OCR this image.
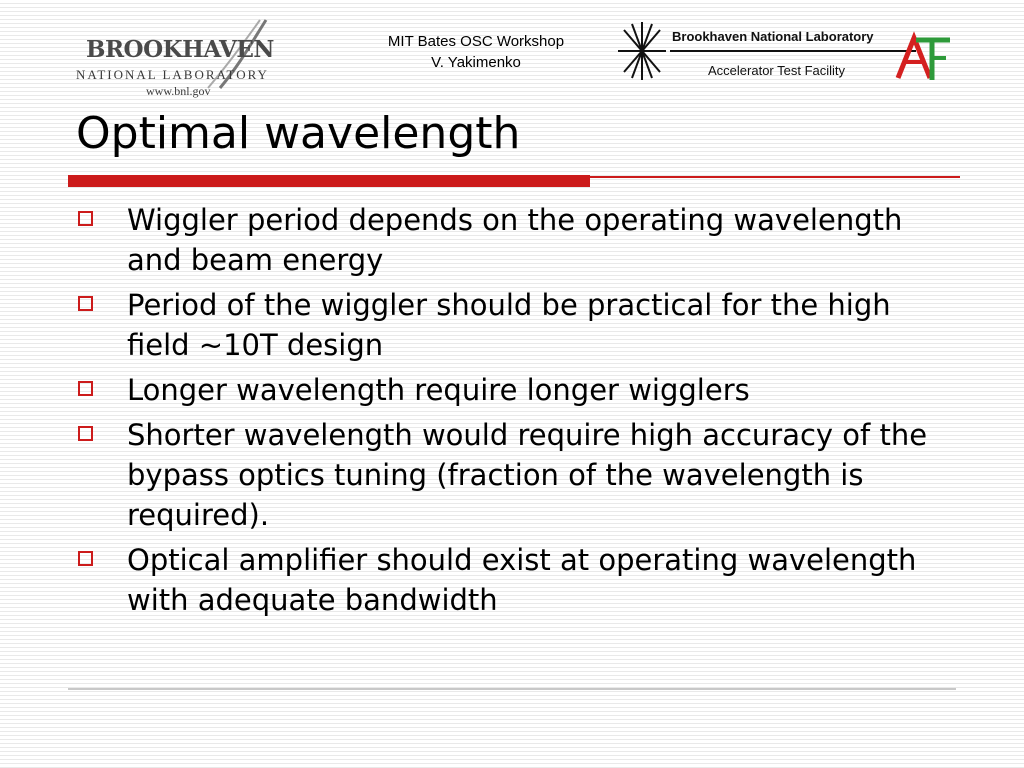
BROOKHAVEN
NATIONAL LABORATORY
www.bnl.gov
MIT Bates OSC Workshop
V. Yakimenko
Brookhaven National Laboratory
Accelerator Test Facility
Optimal wavelength
Wiggler period depends on the operating wavelength and beam energy
Period of the wiggler should be practical for the high field ~10T design
Longer wavelength require longer wigglers
Shorter wavelength would require high accuracy of the bypass optics tuning (fraction of the wavelength is required).
Optical amplifier should exist at operating wavelength with adequate bandwidth
